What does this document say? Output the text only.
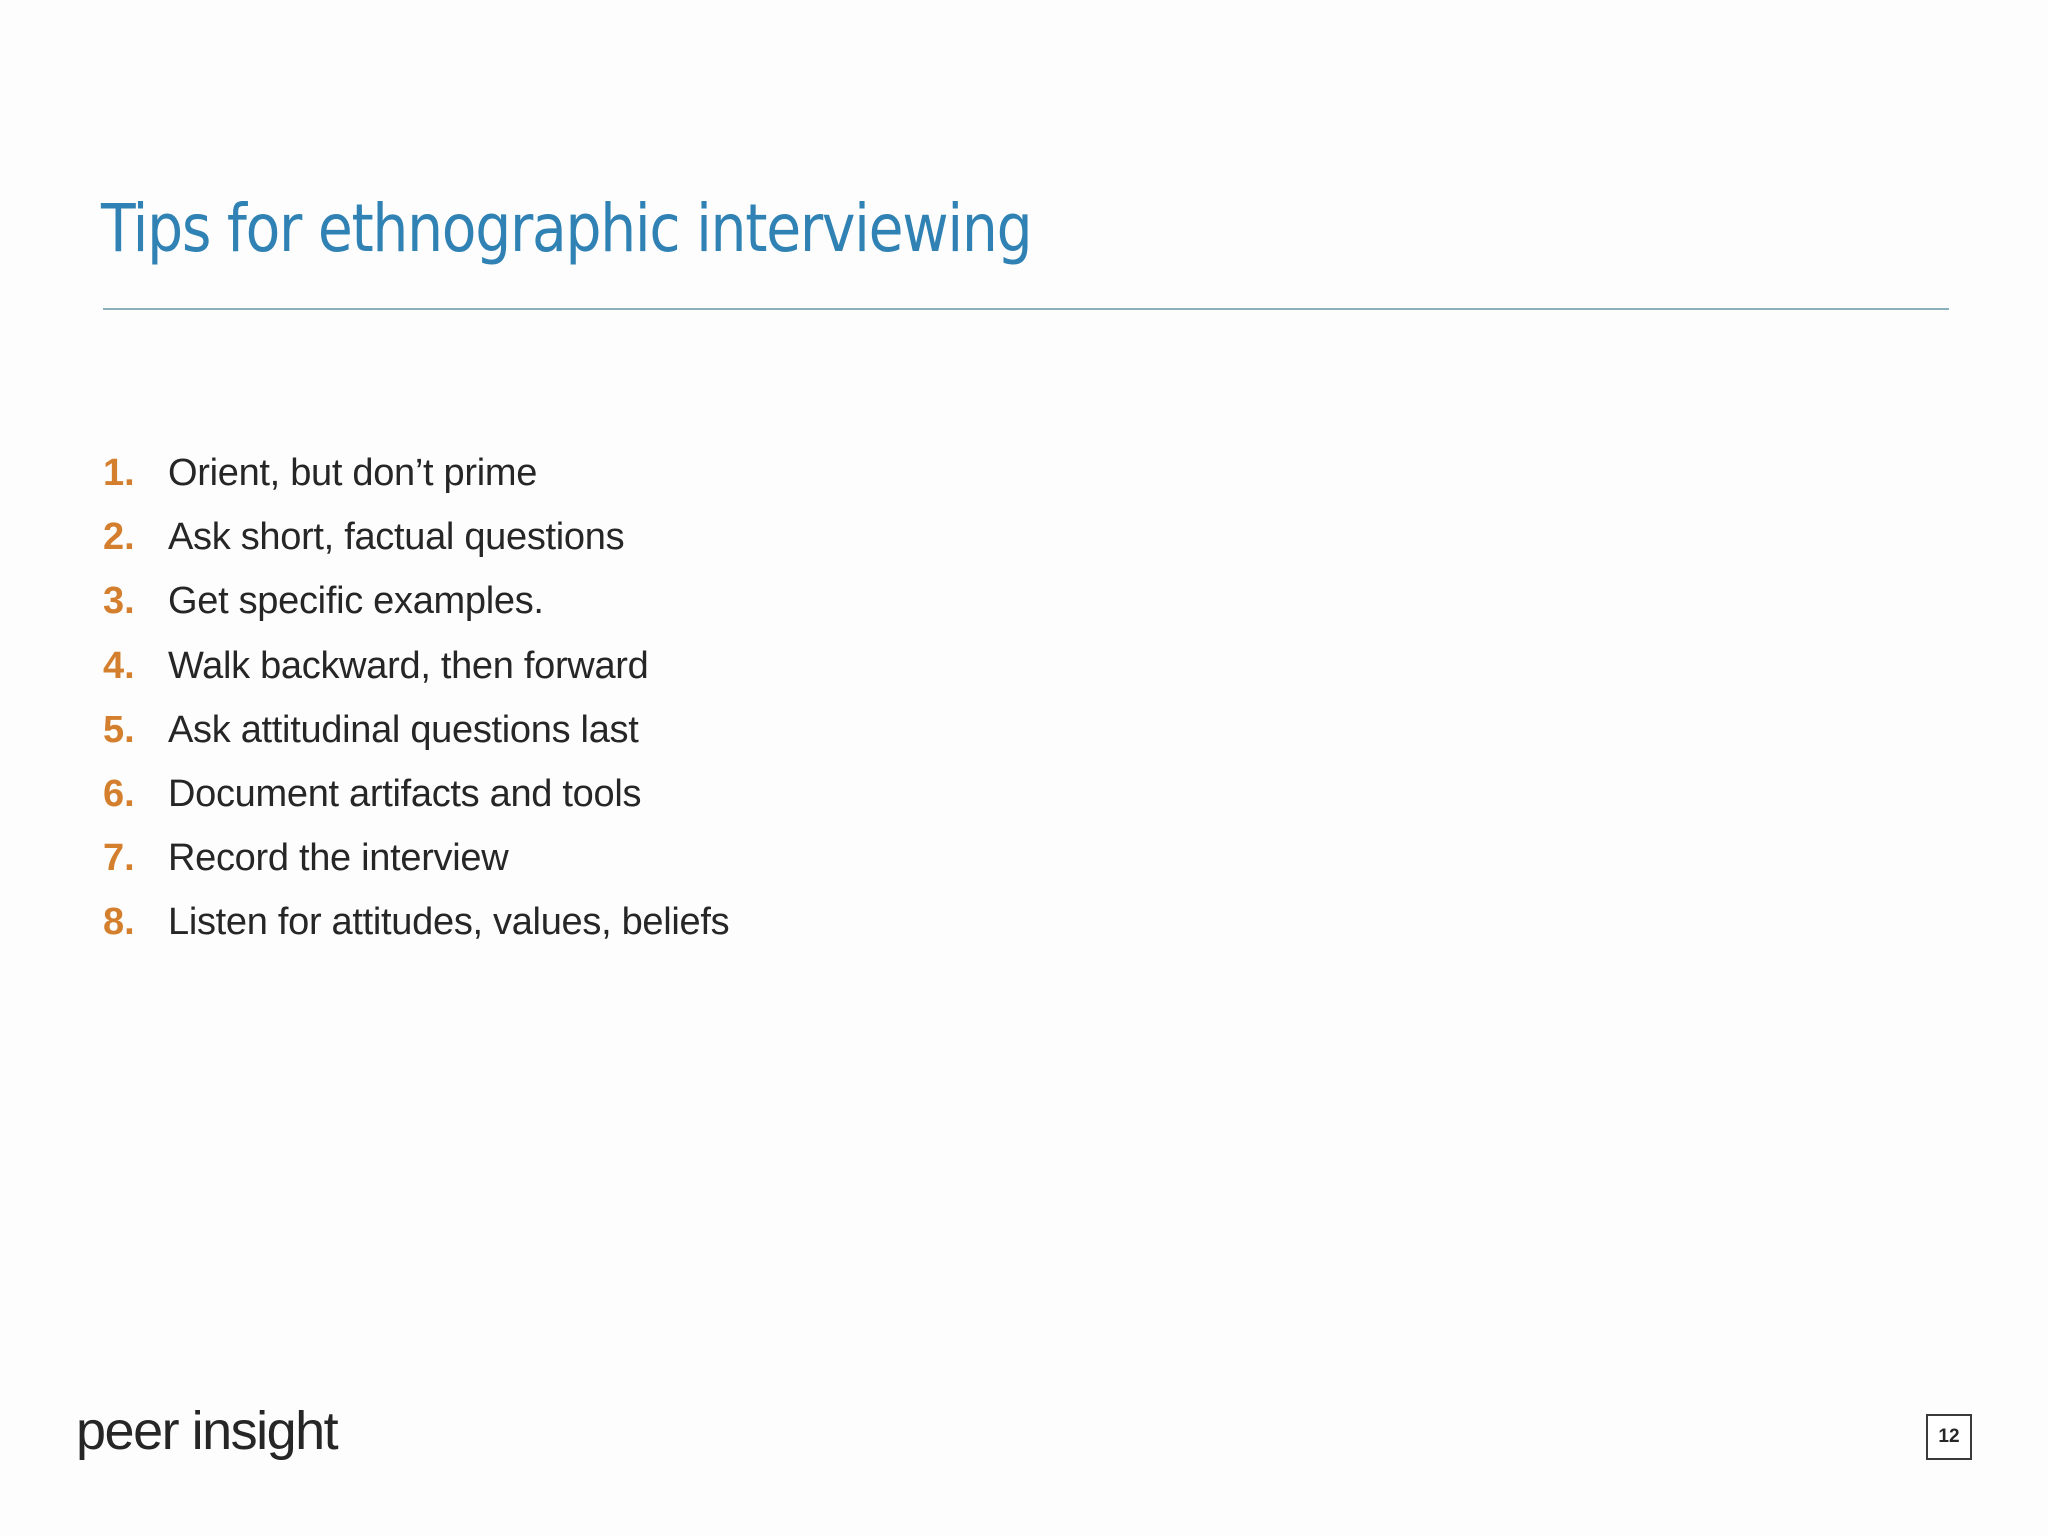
Tips for ethnographic interviewing
1. Orient, but don’t prime
2. Ask short, factual questions
3. Get specific examples.
4. Walk backward, then forward
5. Ask attitudinal questions last
6. Document artifacts and tools
7. Record the interview
8. Listen for attitudes, values, beliefs
peer insight	12
